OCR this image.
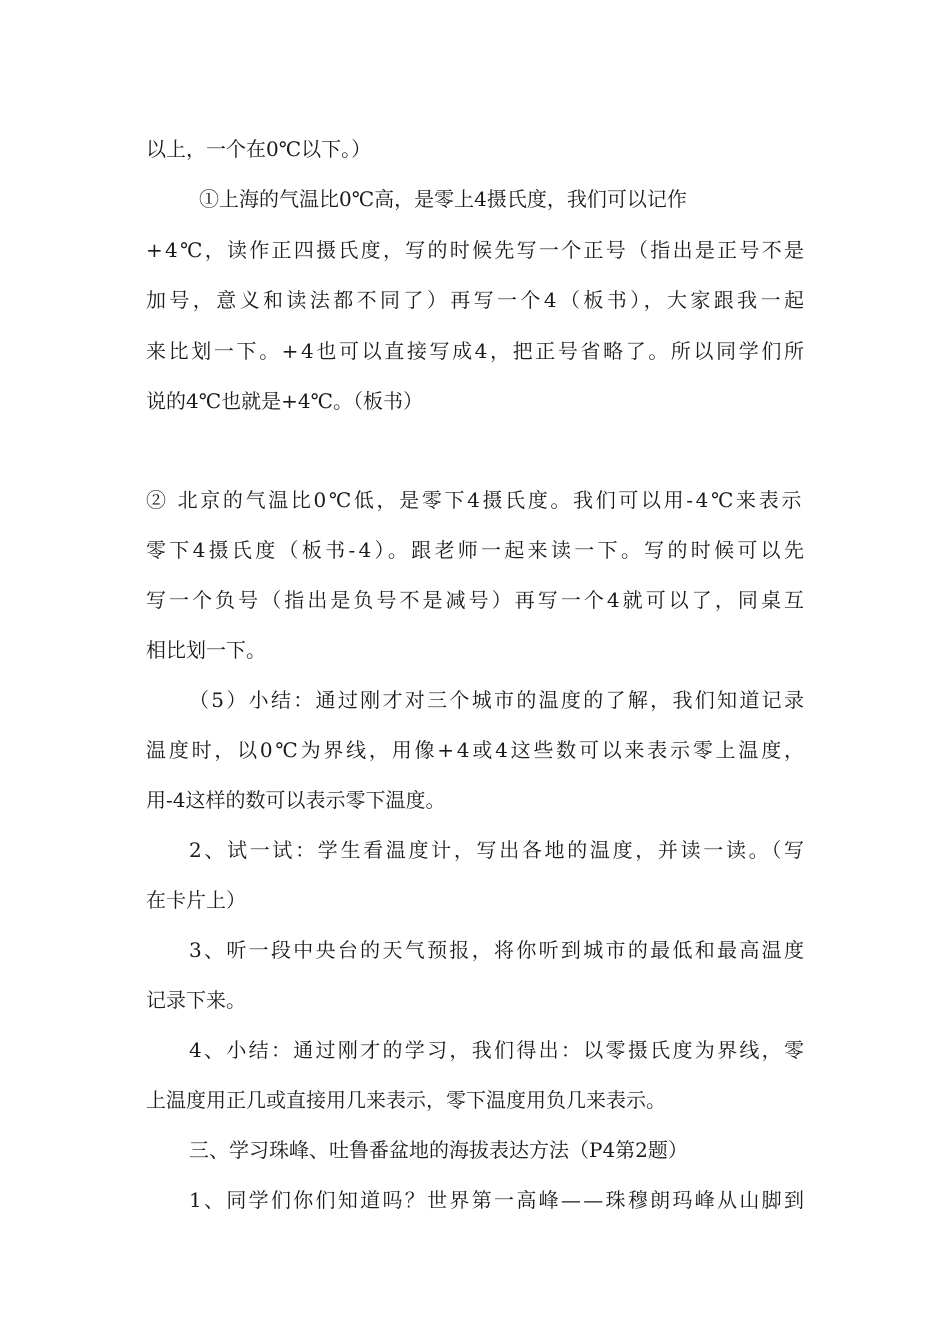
以上，一个在0℃以下。）
①上海的气温比0℃高，是零上4摄氏度，我们可以记作
+4℃，读作正四摄氏度，写的时候先写一个正号（指出是正号不是
加号，意义和读法都不同了）再写一个4（板书），大家跟我一起
来比划一下。+4也可以直接写成4，把正号省略了。所以同学们所
说的4℃也就是+4℃。（板书）
② 北京的气温比0℃低，是零下4摄氏度。我们可以用-4℃来表示
零下4摄氏度（板书-4）。跟老师一起来读一下。写的时候可以先
写一个负号（指出是负号不是减号）再写一个4就可以了，同桌互
相比划一下。
（5）小结：通过刚才对三个城市的温度的了解，我们知道记录
温度时，以0℃为界线，用像+4或4这些数可以来表示零上温度，
用-4这样的数可以表示零下温度。
2、试一试：学生看温度计，写出各地的温度，并读一读。（写
在卡片上）
3、听一段中央台的天气预报，将你听到城市的最低和最高温度
记录下来。
4、小结：通过刚才的学习，我们得出：以零摄氏度为界线，零
上温度用正几或直接用几来表示，零下温度用负几来表示。
三、学习珠峰、吐鲁番盆地的海拔表达方法（P4第2题）
1、同学们你们知道吗？世界第一高峰——珠穆朗玛峰从山脚到
